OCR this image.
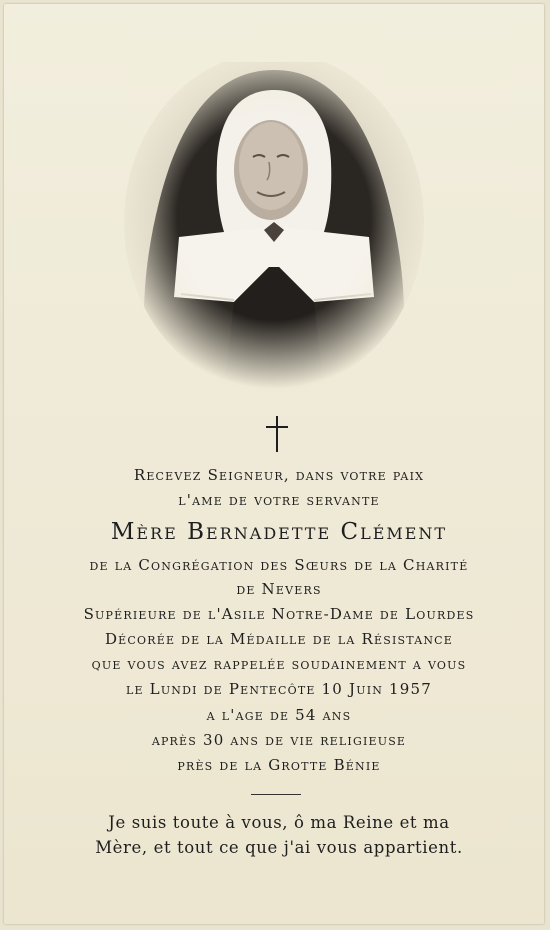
Recevez Seigneur, dans votre paix
l'ame de votre servante
Mère Bernadette Clément
de la Congrégation des Sœurs de la Charité
de Nevers
Supérieure de l'Asile Notre-Dame de Lourdes
Décorée de la Médaille de la Résistance
que vous avez rappelée soudainement a vous
le Lundi de Pentecôte 10 Juin 1957
a l'age de 54 ans
après 30 ans de vie religieuse
près de la Grotte Bénie
Je suis toute à vous, ô ma Reine et ma
Mère, et tout ce que j'ai vous appartient.
